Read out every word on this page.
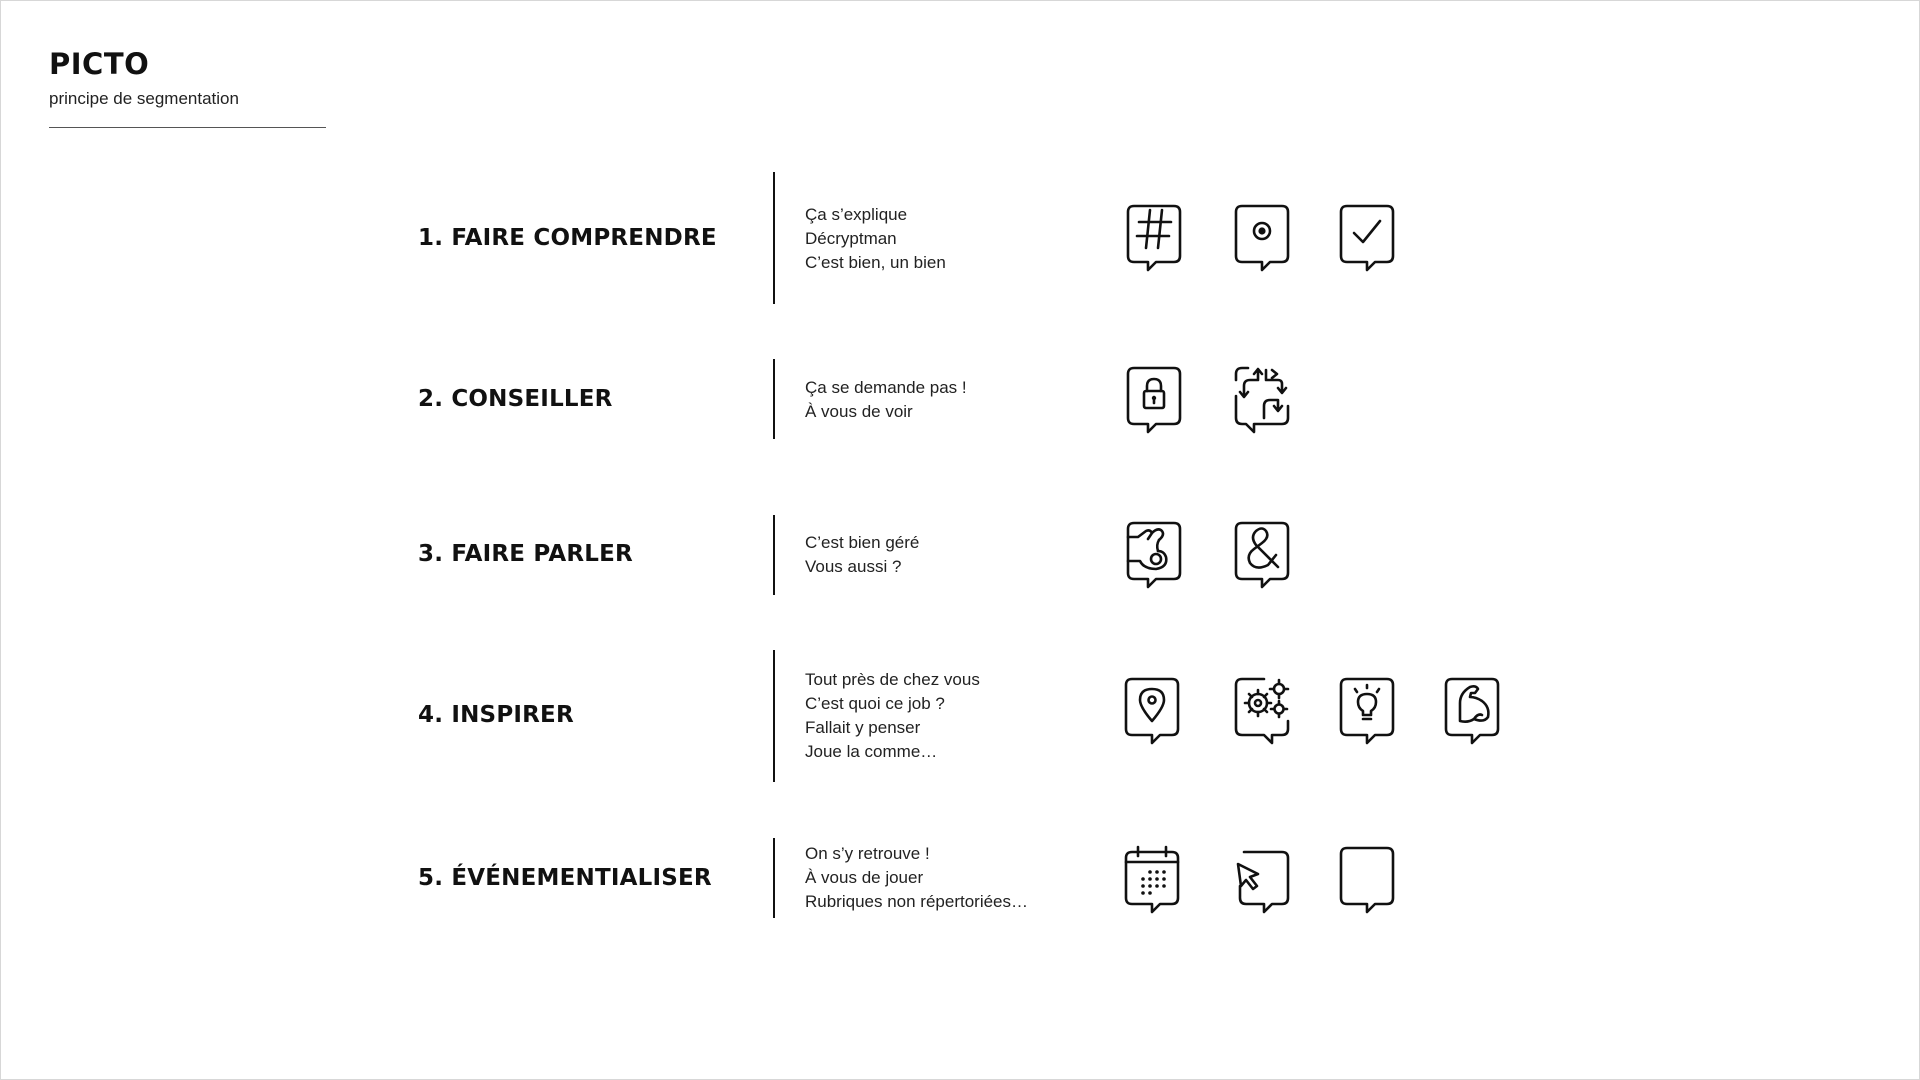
PICTO
principe de segmentation
1. FAIRE COMPRENDRE
Ça s’explique
Décryptman
C’est bien, un bien
2. CONSEILLER	Ça se demande pas !
À vous de voir
3. FAIRE PARLER	C’est bien géré
Vous aussi ?
4. INSPIRER
Tout près de chez vous
C’est quoi ce job ?
Fallait y penser
Joue la comme…
5. ÉVÉNEMENTIALISER
On s’y retrouve !
À vous de jouer
Rubriques non répertoriées…
